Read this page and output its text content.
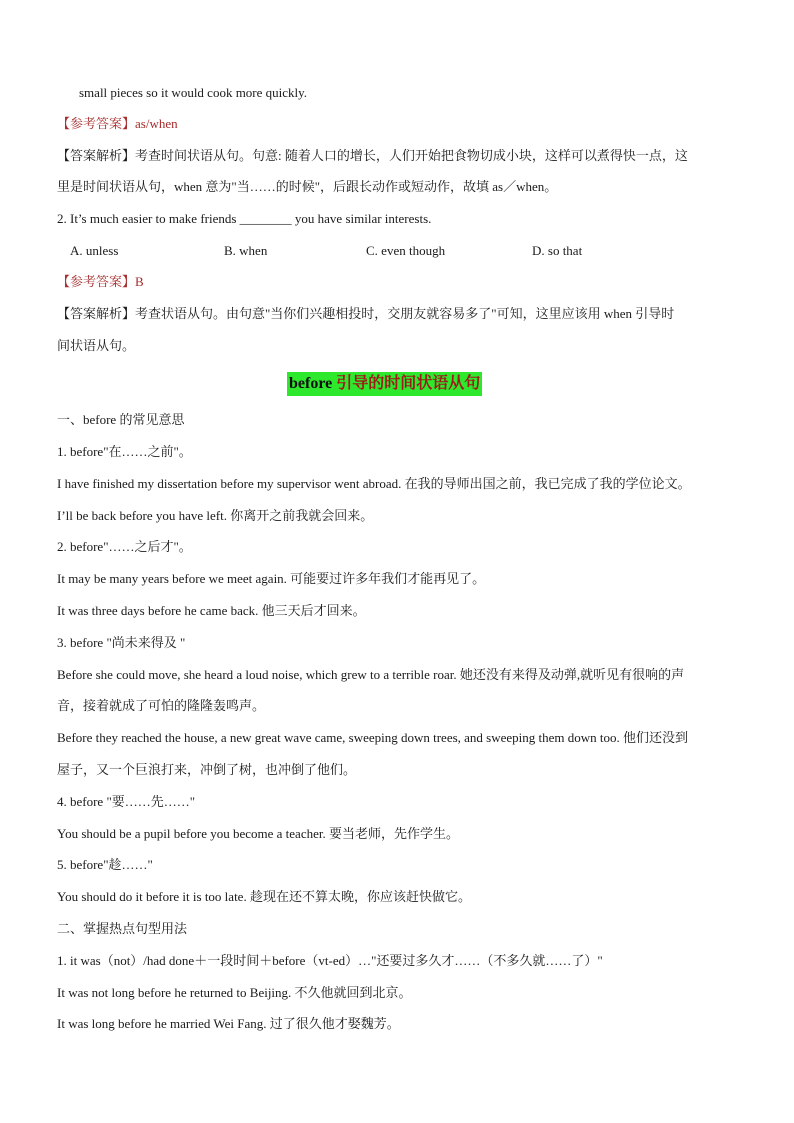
small pieces so it would cook more quickly.
【参考答案】as/when
【答案解析】考查时间状语从句。句意: 随着人口的增长，人们开始把食物切成小块，这样可以煮得快一点，这
里是时间状语从句，when 意为"当……的时候"，后跟长动作或短动作，故填 as／when。
2. It’s much easier to make friends ________ you have similar interests.
A. unless	B. when	C. even though	D. so that
【参考答案】B
【答案解析】考查状语从句。由句意"当你们兴趣相投时，交朋友就容易多了"可知，这里应该用 when 引导时
间状语从句。
before 引导的时间状语从句
一、before 的常见意思
1. before"在……之前"。
I have finished my dissertation before my supervisor went abroad. 在我的导师出国之前，我已完成了我的学位论文。
I’ll be back before you have left. 你离开之前我就会回来。
2. before"……之后才"。
It may be many years before we meet again. 可能要过许多年我们才能再见了。
It was three days before he came back. 他三天后才回来。
3. before "尚未来得及 "
Before she could move, she heard a loud noise, which grew to a terrible roar. 她还没有来得及动弹,就听见有很响的声
音，接着就成了可怕的隆隆轰鸣声。
Before they reached the house, a new great wave came, sweeping down trees, and sweeping them down too. 他们还没到
屋子，又一个巨浪打来，冲倒了树，也冲倒了他们。
4. before "要……先……"
You should be a pupil before you become a teacher. 要当老师，先作学生。
5. before"趁……"
You should do it before it is too late. 趁现在还不算太晚，你应该赶快做它。
二、掌握热点句型用法
1. it was（not）/had done＋一段时间＋before（vt-ed）…"还要过多久才……（不多久就……了）"
It was not long before he returned to Beijing. 不久他就回到北京。
It was long before he married Wei Fang. 过了很久他才娶魏芳。
